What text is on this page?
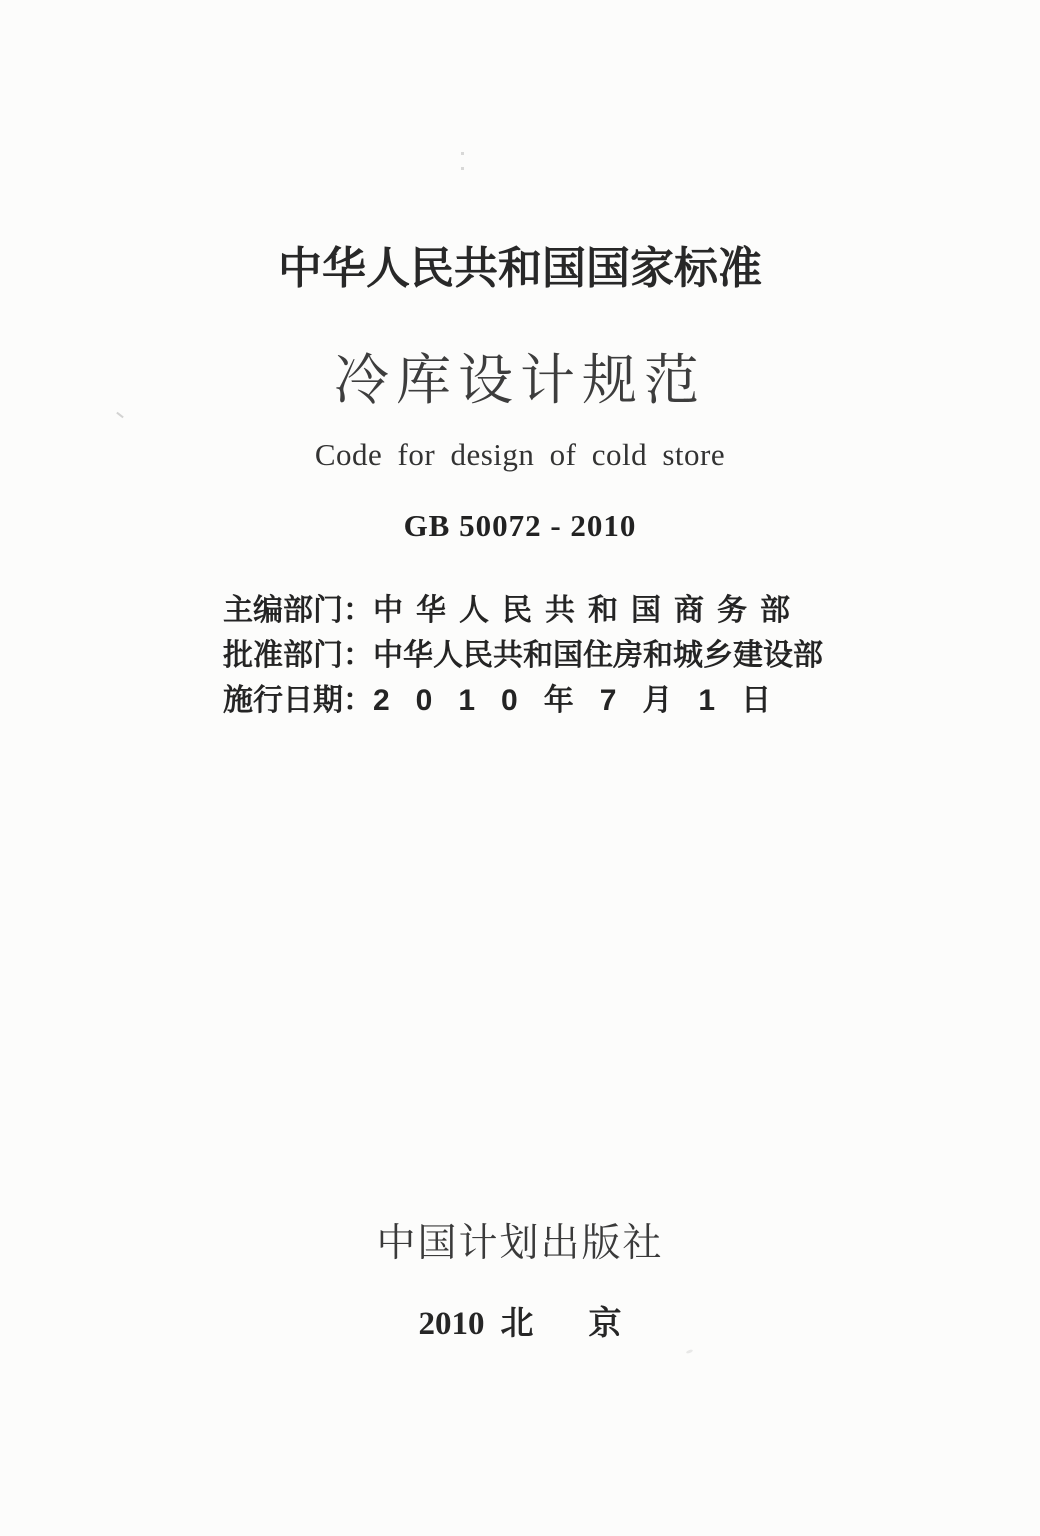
中华人民共和国国家标准
冷库设计规范
Code for design of cold store
GB 50072 - 2010
主编部门： 中华人民共和国商务部
批准部门： 中华人民共和国住房和城乡建设部
施行日期： 2010年7月1日
中国计划出版社
2010 北京
